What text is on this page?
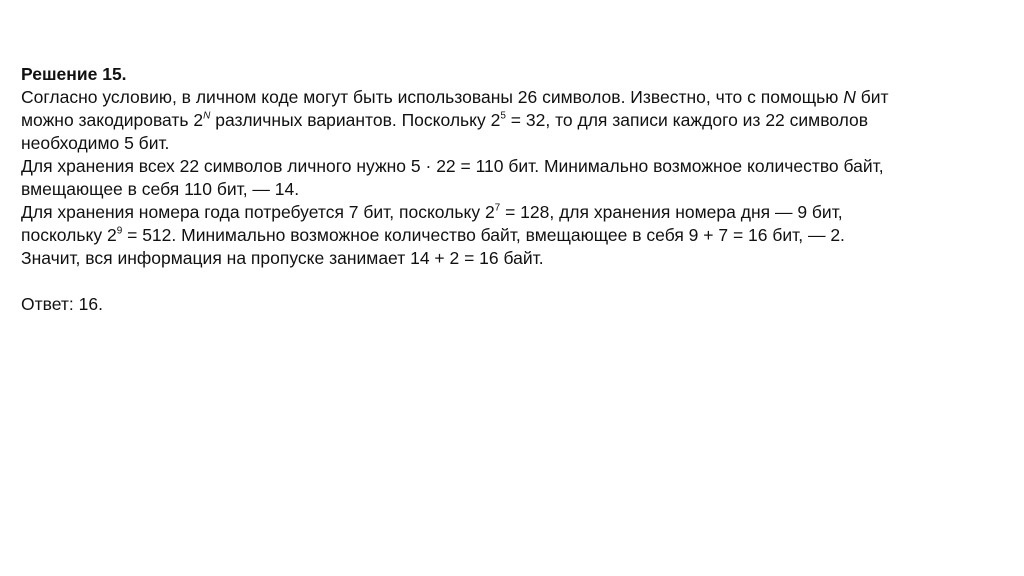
Решение 15.
Согласно условию, в личном коде могут быть использованы 26 символов. Известно, что с помощью N бит
можно закодировать $2^N$ различных вариантов. Поскольку $2^5 = 32$, то для записи каждого из 22 символов
необходимо 5 бит.
Для хранения всех 22 символов личного нужно 5 · 22 = 110 бит. Минимально возможное количество байт,
вмещающее в себя 110 бит, — 14.
Для хранения номера года потребуется 7 бит, поскольку $2^7 = 128$, для хранения номера дня — 9 бит,
поскольку $2^9 = 512$. Минимально возможное количество байт, вмещающее в себя 9 + 7 = 16 бит, — 2.
Значит, вся информация на пропуске занимает 14 + 2 = 16 байт.
Ответ: 16.
